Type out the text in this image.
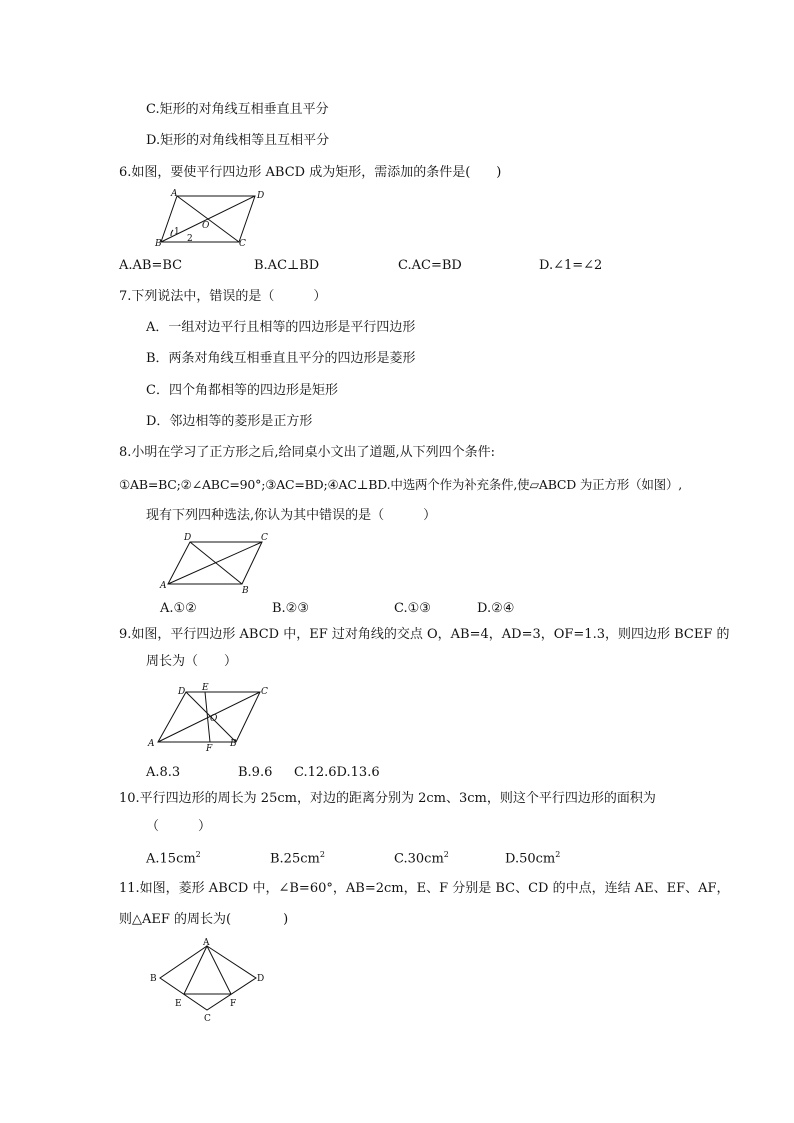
C.矩形的对角线互相垂直且平分
D.矩形的对角线相等且互相平分
6.如图，要使平行四边形 ABCD 成为矩形，需添加的条件是(　　)
A	D
B	C
O
1
2
A.AB=BC	B.AC⊥BD	C.AC=BD	D.∠1=∠2
7.下列说法中，错误的是（　　　）
A．一组对边平行且相等的四边形是平行四边形
B．两条对角线互相垂直且平分的四边形是菱形
C．四个角都相等的四边形是矩形
D．邻边相等的菱形是正方形
8.小明在学习了正方形之后,给同桌小文出了道题,从下列四个条件:
①AB=BC;②∠ABC=90°;③AC=BD;④AC⊥BD.中选两个作为补充条件,使▱ABCD 为正方形（如图）,
现有下列四种选法,你认为其中错误的是（　　　）
D	C
A	B
A.①②	B.②③	C.①③	D.②④
9.如图，平行四边形 ABCD 中，EF 过对角线的交点 O，AB=4，AD=3，OF=1.3，则四边形 BCEF 的
周长为（　　）
D E	C
O
A	F B
A.8.3	B.9.6 C.12.6D.13.6
10.平行四边形的周长为 25cm，对边的距离分别为 2cm、3cm，则这个平行四边形的面积为
（　　　）
$A.15cm^2$	$B.25cm^2$	$C.30cm^2$	$D.50cm^2$
11.如图，菱形 ABCD 中，∠B=60°，AB=2cm，E、F 分别是 BC、CD 的中点，连结 AE、EF、AF，
则△AEF 的周长为(　　　　)
A
B	D
E	F
C
